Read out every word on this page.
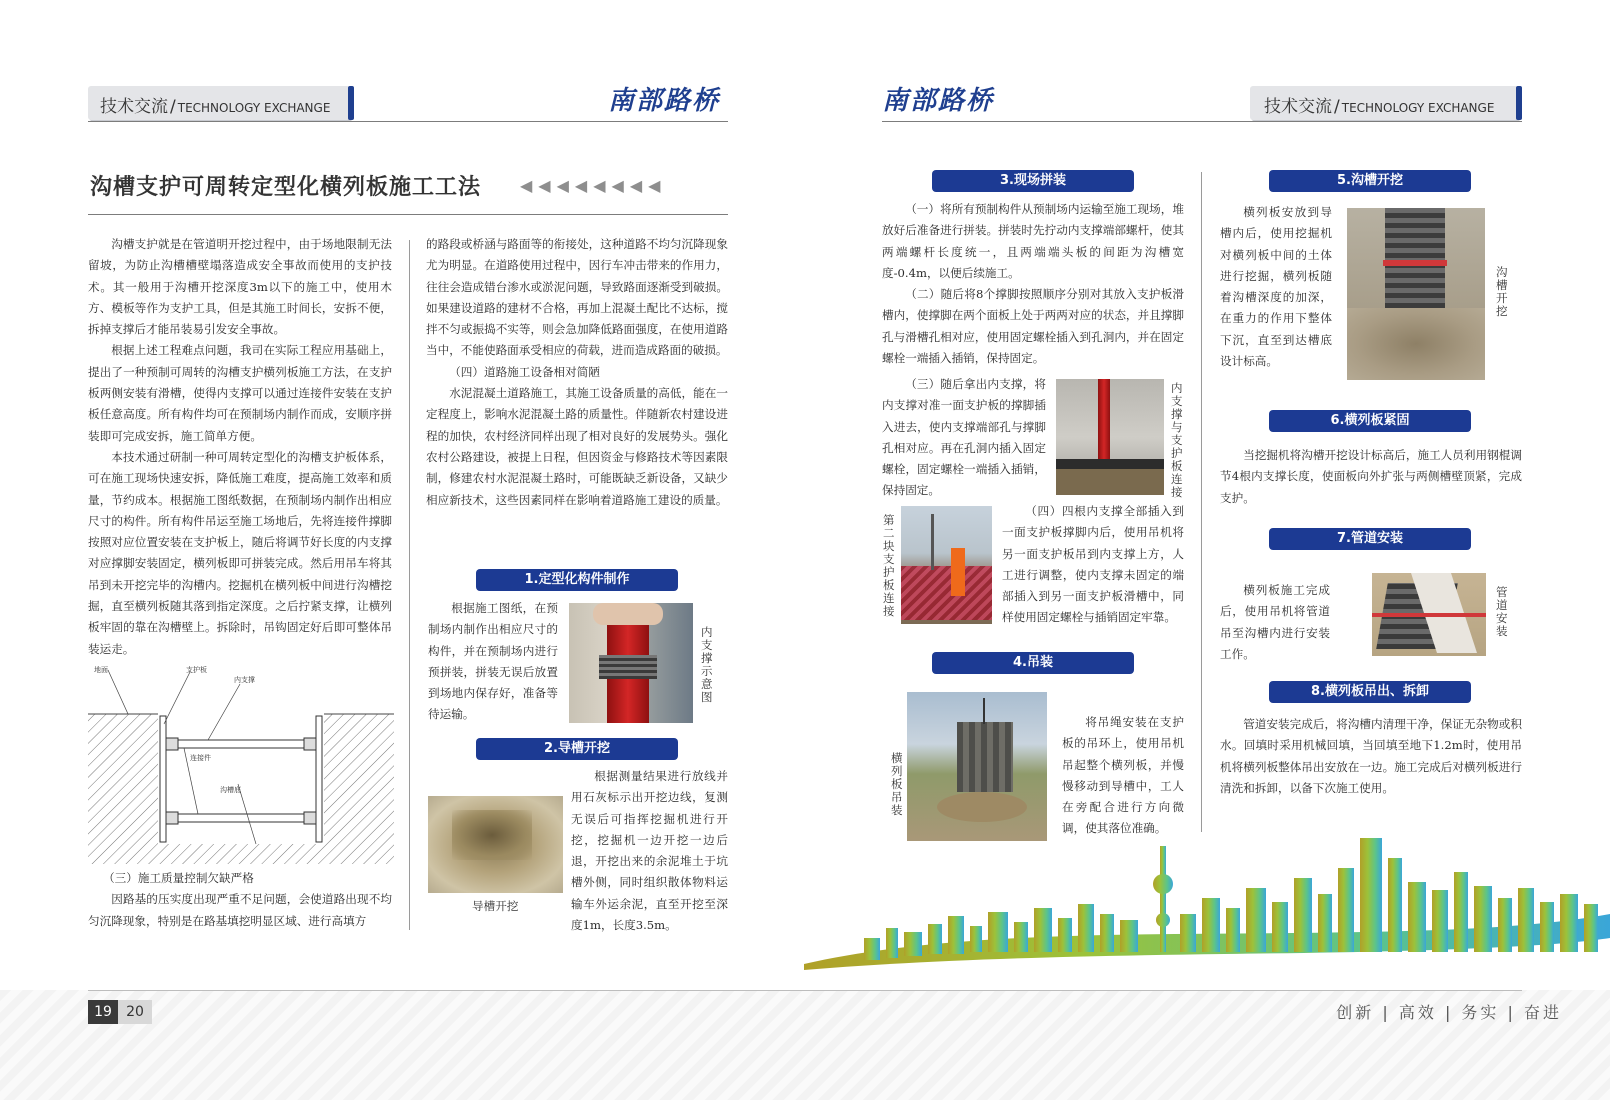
技术交流 / TECHNOLOGY EXCHANGE	南部路桥	南部路桥	技术交流 / TECHNOLOGY EXCHANGE
沟槽支护可周转定型化横列板施工工法 ◀◀◀◀◀◀◀◀

沟槽支护就是在管道明开挖过程中，由于场地限制无法留坡，为防止沟槽槽壁塌落造成安全事故而使用的支护技术。其一般用于沟槽开挖深度3m以下的施工中，使用木方、模板等作为支护工具，但是其施工时间长，安拆不便，拆掉支撑后才能吊装易引发安全事故。

根据上述工程难点问题，我司在实际工程应用基础上，提出了一种预制可周转的沟槽支护横列板施工方法，在支护板两侧安装有滑槽，使得内支撑可以通过连接件安装在支护板任意高度。所有构件均可在预制场内制作而成，安顺序拼装即可完成安拆，施工简单方便。

本技术通过研制一种可周转定型化的沟槽支护板体系，可在施工现场快速安拆，降低施工难度，提高施工效率和质量，节约成本。根据施工图纸数据，在预制场内制作出相应尺寸的构件。所有构件吊运至施工场地后，先将连接件撑脚按照对应位置安装在支护板上，随后将调节好长度的内支撑对应撑脚安装固定，横列板即可拼装完成。然后用吊车将其吊到未开挖完毕的沟槽内。挖掘机在横列板中间进行沟槽挖掘，直至横列板随其落到指定深度。之后拧紧支撑，让横列板牢固的靠在沟槽壁上。拆除时，吊钩固定好后即可整体吊装运走。

地面	支护板
内支撑
连接件
沟槽底

（三）施工质量控制欠缺严格

因路基的压实度出现严重不足问题，会使道路出现不均匀沉降现象，特别是在路基填挖明显区域、进行高填方

的路段或桥涵与路面等的衔接处，这种道路不均匀沉降现象尤为明显。在道路使用过程中，因行车冲击带来的作用力，往往会造成错台渗水或淤泥问题，导致路面逐渐受到破损。如果建设道路的建材不合格，再加上混凝土配比不达标，搅拌不匀或振捣不实等，则会急加降低路面强度，在使用道路当中，不能使路面承受相应的荷载，进而造成路面的破损。

（四）道路施工设备相对简陋

水泥混凝土道路施工，其施工设备质量的高低，能在一定程度上，影响水泥混凝土路的质量性。伴随新农村建设进程的加快，农村经济同样出现了相对良好的发展势头。强化农村公路建设，被提上日程，但因资金与修路技术等因素限制，修建农村水泥混凝土路时，可能既缺乏新设备，又缺少相应新技术，这些因素同样在影响着道路施工建设的质量。

1.定型化构件制作
根据施工图纸，在预制场内制作出相应尺寸的构件，并在预制场内进行预拼装，拼装无误后放置到场地内保存好，准备等待运输。
内支撑示意图
2.导槽开挖
导槽开挖
根据测量结果进行放线并用石灰标示出开挖边线，复测无误后可指挥挖掘机进行开挖，挖掘机一边开挖一边后退，开挖出来的余泥堆土于坑槽外侧，同时组织散体物料运输车外运余泥，直至开挖至深度1m，长度3.5m。
3.现场拼装
（一）将所有预制构件从预制场内运输至施工现场，堆放好后准备进行拼装。拼装时先拧动内支撑端部螺杆，使其两端螺杆长度统一，且两端端头板的间距为沟槽宽度-0.4m，以便后续施工。
（二）随后将8个撑脚按照顺序分别对其放入支护板滑槽内，使撑脚在两个面板上处于两两对应的状态，并且撑脚孔与滑槽孔相对应，使用固定螺栓插入到孔洞内，并在固定螺栓一端插入插销，保持固定。
（三）随后拿出内支撑，将内支撑对准一面支护板的撑脚插入进去，使内支撑端部孔与撑脚孔相对应。再在孔洞内插入固定螺栓，固定螺栓一端插入插销，保持固定。
内支撑与支护板连接
第二块支护板连接
（四）四根内支撑全部插入到一面支护板撑脚内后，使用吊机将另一面支护板吊到内支撑上方，人工进行调整，使内支撑未固定的端部插入到另一面支护板滑槽中，同样使用固定螺栓与插销固定牢靠。
4.吊装
横列板吊装
将吊绳安装在支护板的吊环上，使用吊机吊起整个横列板，并慢慢移动到导槽中，工人在旁配合进行方向微调，使其落位准确。
5.沟槽开挖
横列板安放到导槽内后，使用挖掘机对横列板中间的土体进行挖掘，横列板随着沟槽深度的加深，在重力的作用下整体下沉，直至到达槽底设计标高。
沟槽开挖
6.横列板紧固
当挖掘机将沟槽开挖设计标高后，施工人员利用钢棍调节4根内支撑长度，使面板向外扩张与两侧槽壁顶紧，完成支护。
7.管道安装
横列板施工完成后，使用吊机将管道吊至沟槽内进行安装工作。
管道安装
8.横列板吊出、拆卸
管道安装完成后，将沟槽内清理干净，保证无杂物或积水。回填时采用机械回填，当回填至地下1.2m时，使用吊机将横列板整体吊出安放在一边。施工完成后对横列板进行清洗和拆卸，以备下次施工使用。
19	20	创新 | 高效 | 务实 | 奋进
